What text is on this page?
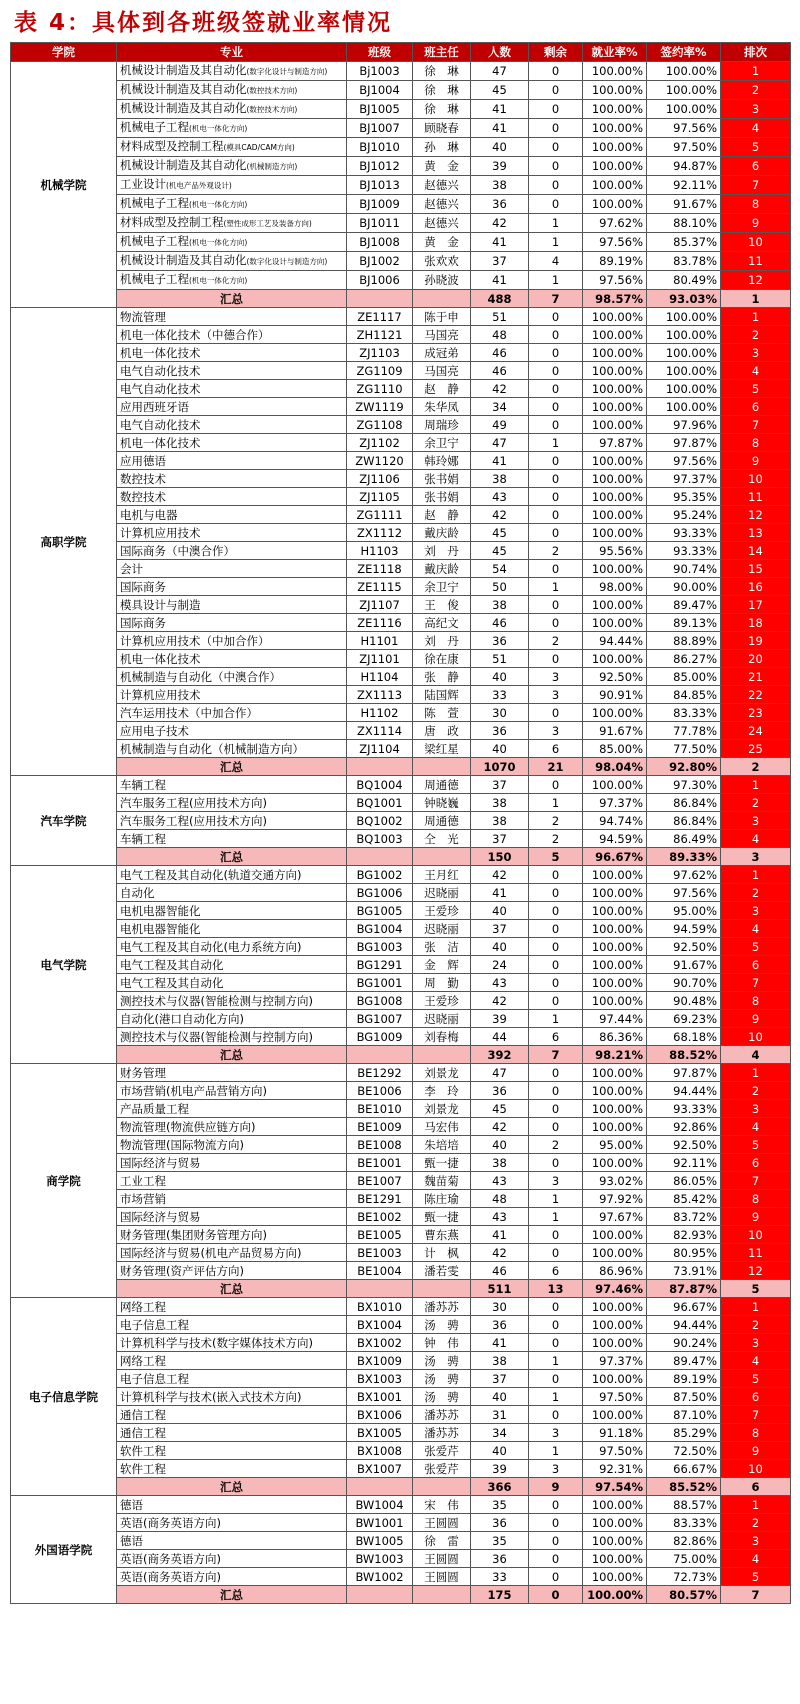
表 4：具体到各班级签就业率情况
学院	专业	班级	班主任	人数	剩余	就业率%	签约率%	排次
机械学院	机械设计制造及其自动化(数字化设计与制造方向)	Bj1003	徐　琳	47	0	100.00%	100.00%	1
	机械设计制造及其自动化(数控技术方向)	BJ1004	徐　琳	45	0	100.00%	100.00%	2
	机械设计制造及其自动化(数控技术方向)	BJ1005	徐　琳	41	0	100.00%	100.00%	3
	机械电子工程(机电一体化方向)	BJ1007	顾晓春	41	0	100.00%	97.56%	4
	材料成型及控制工程(模具CAD/CAM方向)	BJ1010	孙　琳	40	0	100.00%	97.50%	5
	机械设计制造及其自动化(机械制造方向)	BJ1012	黄　金	39	0	100.00%	94.87%	6
	工业设计(机电产品外观设计)	BJ1013	赵德兴	38	0	100.00%	92.11%	7
	机械电子工程(机电一体化方向)	BJ1009	赵德兴	36	0	100.00%	91.67%	8
	材料成型及控制工程(塑性成形工艺及装备方向)	BJ1011	赵德兴	42	1	97.62%	88.10%	9
	机械电子工程(机电一体化方向)	BJ1008	黄　金	41	1	97.56%	85.37%	10
	机械设计制造及其自动化(数字化设计与制造方向)	BJ1002	张欢欢	37	4	89.19%	83.78%	11
	机械电子工程(机电一体化方向)	BJ1006	孙晓波	41	1	97.56%	80.49%	12
	汇总			488	7	98.57%	93.03%	1
高职学院	物流管理	ZE1117	陈于申	51	0	100.00%	100.00%	1
	机电一体化技术（中德合作）	ZH1121	马国亮	48	0	100.00%	100.00%	2
	机电一体化技术	ZJ1103	成冠弟	46	0	100.00%	100.00%	3
	电气自动化技术	ZG1109	马国亮	46	0	100.00%	100.00%	4
	电气自动化技术	ZG1110	赵　静	42	0	100.00%	100.00%	5
	应用西班牙语	ZW1119	朱华凤	34	0	100.00%	100.00%	6
	电气自动化技术	ZG1108	周瑞珍	49	0	100.00%	97.96%	7
	机电一体化技术	ZJ1102	余卫宁	47	1	97.87%	97.87%	8
	应用德语	ZW1120	韩玲娜	41	0	100.00%	97.56%	9
	数控技术	ZJ1106	张书娟	38	0	100.00%	97.37%	10
	数控技术	ZJ1105	张书娟	43	0	100.00%	95.35%	11
	电机与电器	ZG1111	赵　静	42	0	100.00%	95.24%	12
	计算机应用技术	ZX1112	戴庆龄	45	0	100.00%	93.33%	13
	国际商务（中澳合作）	H1103	刘　丹	45	2	95.56%	93.33%	14
	会计	ZE1118	戴庆龄	54	0	100.00%	90.74%	15
	国际商务	ZE1115	余卫宁	50	1	98.00%	90.00%	16
	模具设计与制造	ZJ1107	王　俊	38	0	100.00%	89.47%	17
	国际商务	ZE1116	高纪文	46	0	100.00%	89.13%	18
	计算机应用技术（中加合作）	H1101	刘　丹	36	2	94.44%	88.89%	19
	机电一体化技术	ZJ1101	徐在康	51	0	100.00%	86.27%	20
	机械制造与自动化（中澳合作）	H1104	张　静	40	3	92.50%	85.00%	21
	计算机应用技术	ZX1113	陆国辉	33	3	90.91%	84.85%	22
	汽车运用技术（中加合作）	H1102	陈　萱	30	0	100.00%	83.33%	23
	应用电子技术	ZX1114	唐　政	36	3	91.67%	77.78%	24
	机械制造与自动化（机械制造方向）	ZJ1104	梁红星	40	6	85.00%	77.50%	25
	汇总			1070	21	98.04%	92.80%	2
汽车学院	车辆工程	BQ1004	周通德	37	0	100.00%	97.30%	1
	汽车服务工程(应用技术方向)	BQ1001	钟晓巍	38	1	97.37%	86.84%	2
	汽车服务工程(应用技术方向)	BQ1002	周通德	38	2	94.74%	86.84%	3
	车辆工程	BQ1003	仝　光	37	2	94.59%	86.49%	4
	汇总			150	5	96.67%	89.33%	3
电气学院	电气工程及其自动化(轨道交通方向)	BG1002	王月红	42	0	100.00%	97.62%	1
	自动化	BG1006	迟晓丽	41	0	100.00%	97.56%	2
	电机电器智能化	BG1005	王爱珍	40	0	100.00%	95.00%	3
	电机电器智能化	BG1004	迟晓丽	37	0	100.00%	94.59%	4
	电气工程及其自动化(电力系统方向)	BG1003	张　洁	40	0	100.00%	92.50%	5
	电气工程及其自动化	BG1291	金　辉	24	0	100.00%	91.67%	6
	电气工程及其自动化	BG1001	周　勤	43	0	100.00%	90.70%	7
	测控技术与仪器(智能检测与控制方向)	BG1008	王爱珍	42	0	100.00%	90.48%	8
	自动化(港口自动化方向)	BG1007	迟晓丽	39	1	97.44%	69.23%	9
	测控技术与仪器(智能检测与控制方向)	BG1009	刘春梅	44	6	86.36%	68.18%	10
	汇总			392	7	98.21%	88.52%	4
商学院	财务管理	BE1292	刘景龙	47	0	100.00%	97.87%	1
	市场营销(机电产品营销方向)	BE1006	李　玲	36	0	100.00%	94.44%	2
	产品质量工程	BE1010	刘景龙	45	0	100.00%	93.33%	3
	物流管理(物流供应链方向)	BE1009	马宏伟	42	0	100.00%	92.86%	4
	物流管理(国际物流方向)	BE1008	朱培培	40	2	95.00%	92.50%	5
	国际经济与贸易	BE1001	甄一捷	38	0	100.00%	92.11%	6
	工业工程	BE1007	魏苗菊	43	3	93.02%	86.05%	7
	市场营销	BE1291	陈庄瑜	48	1	97.92%	85.42%	8
	国际经济与贸易	BE1002	甄一捷	43	1	97.67%	83.72%	9
	财务管理(集团财务管理方向)	BE1005	曹东燕	41	0	100.00%	82.93%	10
	国际经济与贸易(机电产品贸易方向)	BE1003	计　枫	42	0	100.00%	80.95%	11
	财务管理(资产评估方向)	BE1004	潘若雯	46	6	86.96%	73.91%	12
	汇总			511	13	97.46%	87.87%	5
电子信息学院	网络工程	BX1010	潘苏苏	30	0	100.00%	96.67%	1
	电子信息工程	BX1004	汤　骋	36	0	100.00%	94.44%	2
	计算机科学与技术(数字媒体技术方向)	BX1002	钟　伟	41	0	100.00%	90.24%	3
	网络工程	BX1009	汤　骋	38	1	97.37%	89.47%	4
	电子信息工程	BX1003	汤　骋	37	0	100.00%	89.19%	5
	计算机科学与技术(嵌入式技术方向)	BX1001	汤　骋	40	1	97.50%	87.50%	6
	通信工程	BX1006	潘苏苏	31	0	100.00%	87.10%	7
	通信工程	BX1005	潘苏苏	34	3	91.18%	85.29%	8
	软件工程	BX1008	张爱芹	40	1	97.50%	72.50%	9
	软件工程	BX1007	张爱芹	39	3	92.31%	66.67%	10
	汇总			366	9	97.54%	85.52%	6
外国语学院	德语	BW1004	宋　伟	35	0	100.00%	88.57%	1
	英语(商务英语方向)	BW1001	王圆圆	36	0	100.00%	83.33%	2
	德语	BW1005	徐　雷	35	0	100.00%	82.86%	3
	英语(商务英语方向)	BW1003	王圆圆	36	0	100.00%	75.00%	4
	英语(商务英语方向)	BW1002	王圆圆	33	0	100.00%	72.73%	5
	汇总			175	0	100.00%	80.57%	7
